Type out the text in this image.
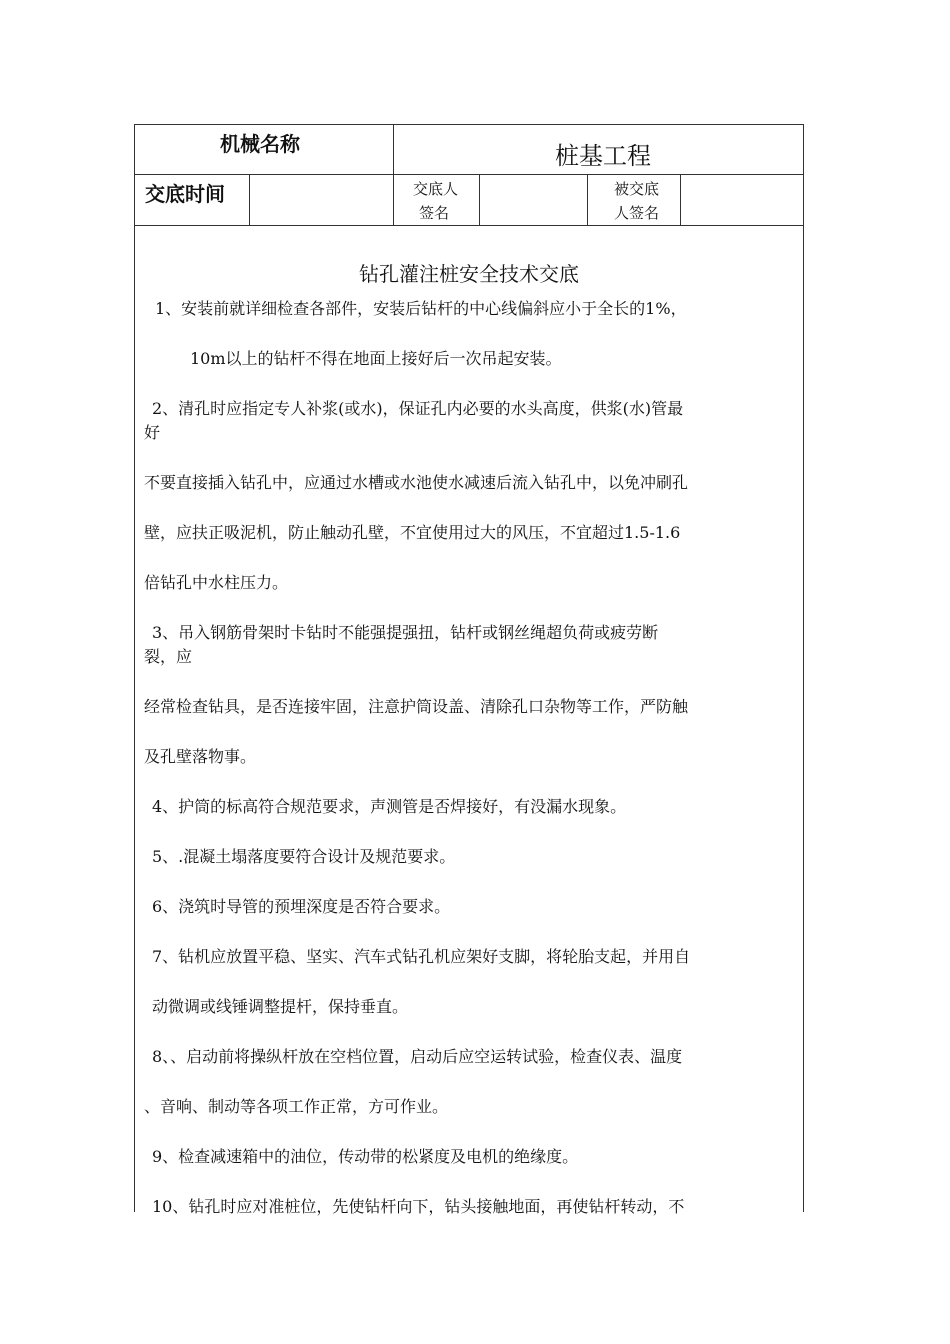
机械名称	桩基工程
交底时间	交底人
签名
被交底
人签名
钻孔灌注桩安全技术交底
1、安装前就详细检查各部件，安装后钻杆的中心线偏斜应小于全长的1%，
10m以上的钻杆不得在地面上接好后一次吊起安装。
2、清孔时应指定专人补浆(或水)，保证孔内必要的水头高度，供浆(水)管最
好
不要直接插入钻孔中，应通过水槽或水池使水减速后流入钻孔中，以免冲刷孔
壁，应扶正吸泥机，防止触动孔壁，不宜使用过大的风压，不宜超过1.5-1.6
倍钻孔中水柱压力。
3、吊入钢筋骨架时卡钻时不能强提强扭，钻杆或钢丝绳超负荷或疲劳断
裂，应
经常检查钻具，是否连接牢固，注意护筒设盖、清除孔口杂物等工作，严防触
及孔壁落物事。
4、护筒的标高符合规范要求，声测管是否焊接好，有没漏水现象。
5、.混凝土塌落度要符合设计及规范要求。
6、浇筑时导管的预埋深度是否符合要求。
7、钻机应放置平稳、坚实、汽车式钻孔机应架好支脚，将轮胎支起，并用自
动微调或线锤调整提杆，保持垂直。
8、、启动前将操纵杆放在空档位置，启动后应空运转试验，检查仪表、温度
、音响、制动等各项工作正常，方可作业。
9、检查减速箱中的油位，传动带的松紧度及电机的绝缘度。
10、钻孔时应对准桩位，先使钻杆向下，钻头接触地面，再使钻杆转动，不
